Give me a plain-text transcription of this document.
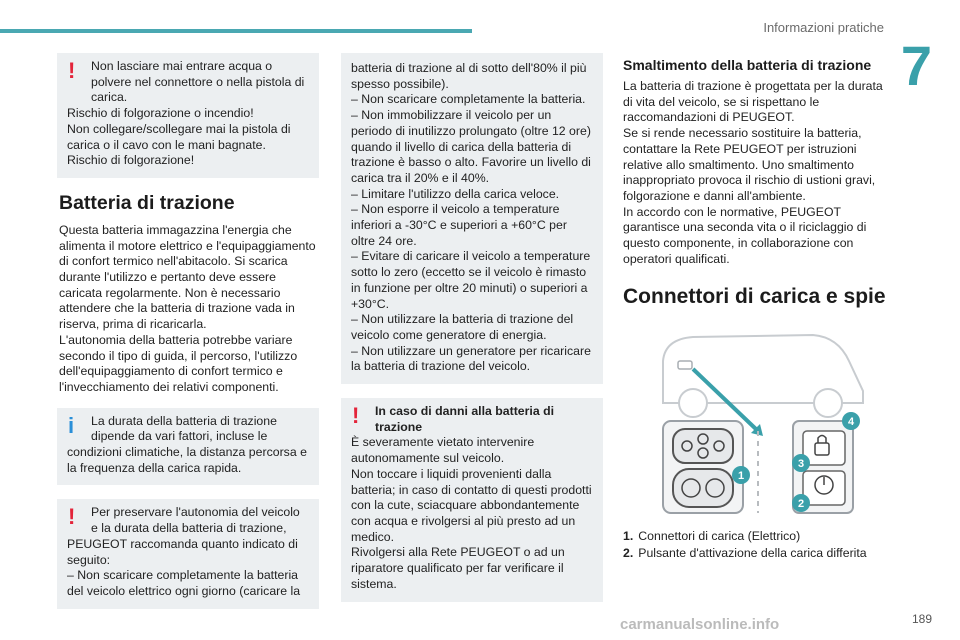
Informazioni pratiche
7
!	Non lasciare mai entrare acqua o polvere nel connettore o nella pistola di carica.

Rischio di folgorazione o incendio!
Non collegare/scollegare mai la pistola di carica o il cavo con le mani bagnate. Rischio di folgorazione!

Batteria di trazione

Questa batteria immagazzina l'energia che alimenta il motore elettrico e l'equipaggiamento di confort termico nell'abitacolo. Si scarica durante l'utilizzo e pertanto deve essere caricata regolarmente. Non è necessario attendere che la batteria di trazione vada in riserva, prima di ricaricarla.
L'autonomia della batteria potrebbe variare secondo il tipo di guida, il percorso, l'utilizzo dell'equipaggiamento di confort termico e l'invecchiamento dei relativi componenti.

i	La durata della batteria di trazione dipende da vari fattori, incluse le

condizioni climatiche, la distanza percorsa e la frequenza della carica rapida.

!	Per preservare l'autonomia del veicolo e la durata della batteria di trazione,

PEUGEOT raccomanda quanto indicato di seguito:
– Non scaricare completamente la batteria del veicolo elettrico ogni giorno (caricare la

batteria di trazione al di sotto dell'80% il più spesso possibile).
– Non scaricare completamente la batteria.
– Non immobilizzare il veicolo per un periodo di inutilizzo prolungato (oltre 12 ore) quando il livello di carica della batteria di trazione è basso o alto. Favorire un livello di carica tra il 20% e il 40%.
– Limitare l'utilizzo della carica veloce.
– Non esporre il veicolo a temperature inferiori a -30°C e superiori a +60°C per oltre 24 ore.
– Evitare di caricare il veicolo a temperature sotto lo zero (eccetto se il veicolo è rimasto in funzione per oltre 20 minuti) o superiori a +30°C.
– Non utilizzare la batteria di trazione del veicolo come generatore di energia.
– Non utilizzare un generatore per ricaricare la batteria di trazione del veicolo.

!	In caso di danni alla batteria di trazione

È severamente vietato intervenire autonomamente sul veicolo.
Non toccare i liquidi provenienti dalla batteria; in caso di contatto di questi prodotti con la cute, sciacquare abbondantemente con acqua e rivolgersi al più presto ad un medico.
Rivolgersi alla Rete PEUGEOT o ad un riparatore qualificato per far verificare il sistema.

Smaltimento della batteria di trazione

La batteria di trazione è progettata per la durata di vita del veicolo, se si rispettano le raccomandazioni di PEUGEOT.
Se si rende necessario sostituire la batteria, contattare la Rete PEUGEOT per istruzioni relative allo smaltimento. Uno smaltimento inappropriato provoca il rischio di ustioni gravi, folgorazione e danni all'ambiente.
In accordo con le normative, PEUGEOT garantisce una seconda vita o il riciclaggio di questo componente, in collaborazione con operatori qualificati.

Connettori di carica e spie
1
2
3
4
1. Connettori di carica (Elettrico)
2. Pulsante d'attivazione della carica differita
carmanualsonline.info	189
